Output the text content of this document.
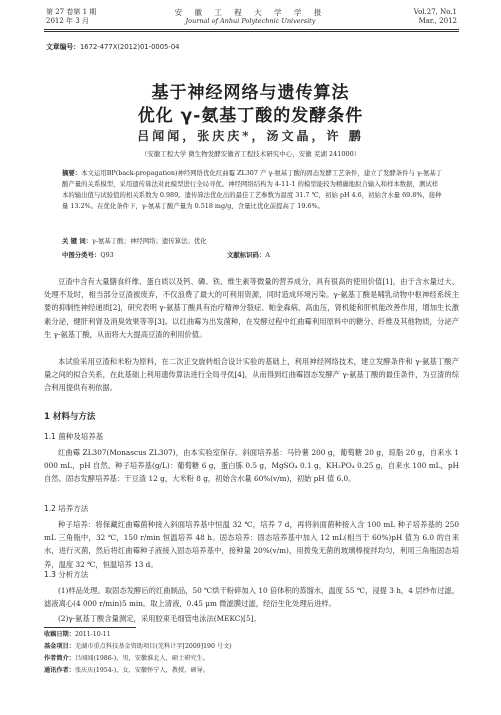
第 27 卷第 1 期
2012 年 3 月
安 徽 工 程 大 学 学 报
Journal of Anhui Polytechnic University
Vol.27, No.1
Mar., 2012
文章编号：1672-477X(2012)01-0005-04
基于神经网络与遗传算法
优化 γ-氨基丁酸的发酵条件
吕闻闻，张庆庆*，汤文晶，许 鹏
（安徽工程大学 微生物发酵安徽省工程技术研究中心，安徽 芜湖 241000）
摘要：本文运用BP(back-propagation)神经网络优化红曲霉 ZL307 产 γ-氨基丁酸的固态发酵工艺条件，建立了发酵条件与 γ-氨基丁酸产量的关系模型，采用遗传算法对此模型进行全局寻优。神经网络结构为 4-11-1 的模型能较为精确地拟合输入和样本数据，测试样本的输出值与试验值的相关系数为 0.989。遗传算法优化出的最佳工艺参数为温度 31.7 ℃，初始 pH 4.6，初始含水量 69.8%，接种量 13.2%。在优化条件下，γ-氨基丁酸产量为 0.518 mg/g，含量比优化前提高了 19.6%。
关 键 词：γ-氨基丁酸；神经网络；遗传算法；优化
中图分类号：Q93	文献标识码：A
豆渣中含有大量膳食纤维、蛋白质以及钙、磷、铁、维生素等微量的营养成分，具有很高的使用价值[1]，由于含水量过大、处理不及时，相当部分豆渣被废弃，不仅浪费了最大的可利用资源，同时造成环境污染。γ-氨基丁酸是哺乳动物中枢神经系统主要的抑制性神经递质[2]，研究表明 γ-氨基丁酸具有治疗精神分裂症、帕金森病、高血压，肾机能和肝机能改善作用，增加生长激素分泌，健肝利肾及消臭效果等等[3]。以红曲霉为出发菌种，在发酵过程中红曲霉利用原料中的糖分、纤维及其他物质，分泌产生 γ-氨基丁酸，从而将大大提高豆渣的利用价值。
本试验采用豆渣和米粉为原料，在二次正交旋转组合设计实验的基础上，利用神经网络技术，建立发酵条件和 γ-氨基丁酸产量之间的拟合关系，在此基础上利用遗传算法进行全局寻优[4]，从而得到红曲霉固态发酵产 γ-氨基丁酸的最佳条件，为豆渣的综合利用提供有利依据。
1 材料与方法
1.1 菌种及培养基
红曲霉 ZL307(Monascus ZL307)，由本实验室保存。斜面培养基：马铃薯 200 g，葡萄糖 20 g，琼脂 20 g，自来水 1 000 mL，pH 自然。种子培养基(g/L)：葡萄糖 6 g，蛋白胨 0.5 g，MgSO₄ 0.1 g，KH₂PO₄ 0.25 g，自来水 100 mL，pH 自然。固态发酵培养基：干豆渣 12 g，大米粉 8 g，初始含水量 60%(v/m)，初始 pH 值 6.0。
1.2 培养方法
种子培养：将保藏红曲霉菌种接入斜面培养基中恒温 32 ℃，培养 7 d，再将斜面菌种接入含 100 mL 种子培养基的 250 mL 三角瓶中，32 ℃，150 r/min 恒温培养 48 h。固态培养：固态培养基中加入 12 mL(相当于 60%)pH 值为 6.0 的自来水，进行灭菌，然后将红曲霉种子液接入固态培养基中，接种量 20%(v/m)，用拨兔无菌的玻璃棒搅拌均匀，利用三角瓶固态培养，温度 32 ℃，恒温培养 13 d。
1.3 分析方法
(1)样品处理。取固态发酵后的红曲制品，50 ℃烘干粉碎加入 10 倍体积的蒸馏水，温度 55 ℃，浸提 3 h，4 层纱布过滤，滤液离心(4 000 r/min)5 min。取上清液，0.45 μm 微滤膜过滤，经衍生化处理后进样。
(2)γ-氨基丁酸含量测定，采用胶束毛细管电泳法(MEKC)[5]。
收稿日期：2011-10-11
基金项目：芜湖市重点科技基金资助项目(芜科计字[2009]190 号文)
作者简介：吕闻闻(1986-)，男，安徽淮北人，硕士研究生。
通讯作者：张庆庆(1954-)，女，安徽怀宁人，教授，硕导。
